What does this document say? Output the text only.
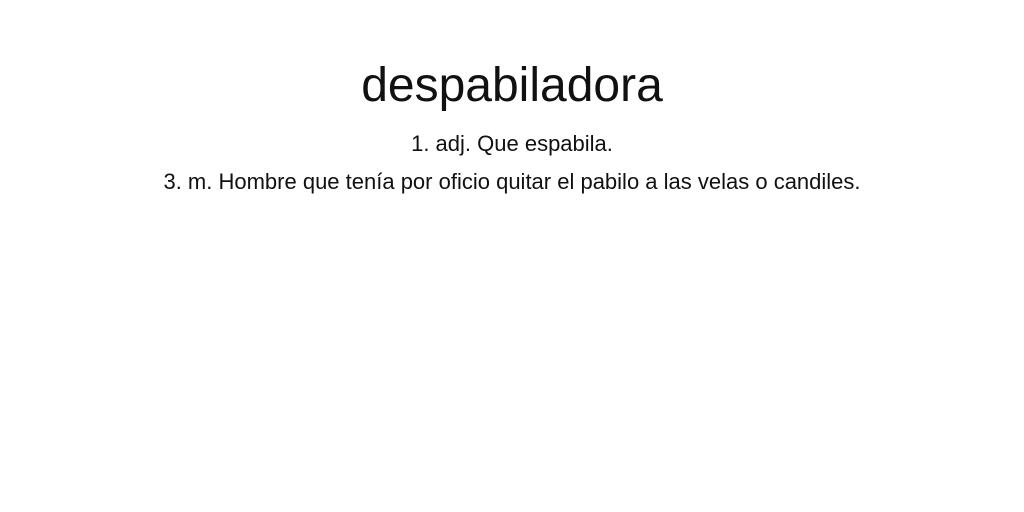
despabiladora
1. adj. Que espabila.
3. m. Hombre que tenía por oficio quitar el pabilo a las velas o candiles.
